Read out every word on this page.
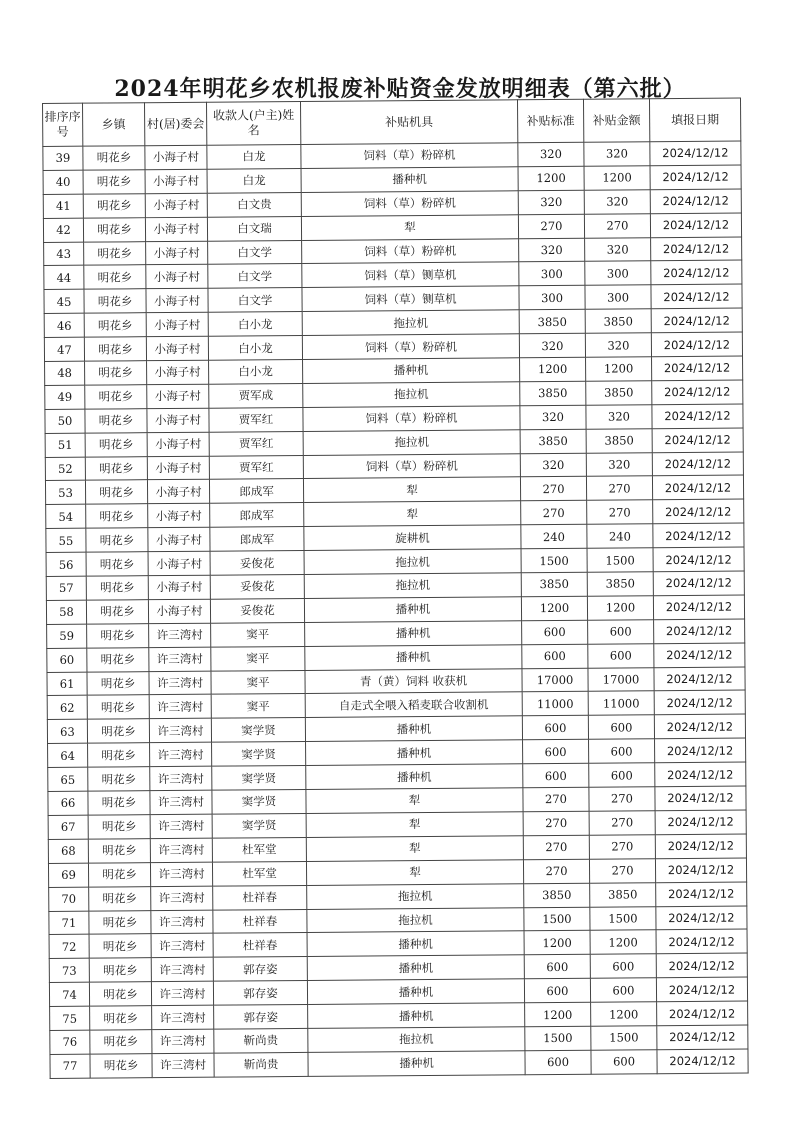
2024年明花乡农机报废补贴资金发放明细表（第六批）
排序序号	乡镇	村(居)委会	收款人(户主)姓名	补贴机具	补贴标准	补贴金额	填报日期
39	明花乡	小海子村	白龙	饲料（草）粉碎机	320	320	2024/12/12
40	明花乡	小海子村	白龙	播种机	1200	1200	2024/12/12
41	明花乡	小海子村	白文贵	饲料（草）粉碎机	320	320	2024/12/12
42	明花乡	小海子村	白文瑞	犁	270	270	2024/12/12
43	明花乡	小海子村	白文学	饲料（草）粉碎机	320	320	2024/12/12
44	明花乡	小海子村	白文学	饲料（草）铡草机	300	300	2024/12/12
45	明花乡	小海子村	白文学	饲料（草）铡草机	300	300	2024/12/12
46	明花乡	小海子村	白小龙	拖拉机	3850	3850	2024/12/12
47	明花乡	小海子村	白小龙	饲料（草）粉碎机	320	320	2024/12/12
48	明花乡	小海子村	白小龙	播种机	1200	1200	2024/12/12
49	明花乡	小海子村	贾军成	拖拉机	3850	3850	2024/12/12
50	明花乡	小海子村	贾军红	饲料（草）粉碎机	320	320	2024/12/12
51	明花乡	小海子村	贾军红	拖拉机	3850	3850	2024/12/12
52	明花乡	小海子村	贾军红	饲料（草）粉碎机	320	320	2024/12/12
53	明花乡	小海子村	郎成军	犁	270	270	2024/12/12
54	明花乡	小海子村	郎成军	犁	270	270	2024/12/12
55	明花乡	小海子村	郎成军	旋耕机	240	240	2024/12/12
56	明花乡	小海子村	妥俊花	拖拉机	1500	1500	2024/12/12
57	明花乡	小海子村	妥俊花	拖拉机	3850	3850	2024/12/12
58	明花乡	小海子村	妥俊花	播种机	1200	1200	2024/12/12
59	明花乡	许三湾村	窦平	播种机	600	600	2024/12/12
60	明花乡	许三湾村	窦平	播种机	600	600	2024/12/12
61	明花乡	许三湾村	窦平	青（黄）饲料 收获机	17000	17000	2024/12/12
62	明花乡	许三湾村	窦平	自走式全喂入稻麦联合收割机	11000	11000	2024/12/12
63	明花乡	许三湾村	窦学贤	播种机	600	600	2024/12/12
64	明花乡	许三湾村	窦学贤	播种机	600	600	2024/12/12
65	明花乡	许三湾村	窦学贤	播种机	600	600	2024/12/12
66	明花乡	许三湾村	窦学贤	犁	270	270	2024/12/12
67	明花乡	许三湾村	窦学贤	犁	270	270	2024/12/12
68	明花乡	许三湾村	杜军堂	犁	270	270	2024/12/12
69	明花乡	许三湾村	杜军堂	犁	270	270	2024/12/12
70	明花乡	许三湾村	杜祥春	拖拉机	3850	3850	2024/12/12
71	明花乡	许三湾村	杜祥春	拖拉机	1500	1500	2024/12/12
72	明花乡	许三湾村	杜祥春	播种机	1200	1200	2024/12/12
73	明花乡	许三湾村	郭存姿	播种机	600	600	2024/12/12
74	明花乡	许三湾村	郭存姿	播种机	600	600	2024/12/12
75	明花乡	许三湾村	郭存姿	播种机	1200	1200	2024/12/12
76	明花乡	许三湾村	靳尚贵	拖拉机	1500	1500	2024/12/12
77	明花乡	许三湾村	靳尚贵	播种机	600	600	2024/12/12
